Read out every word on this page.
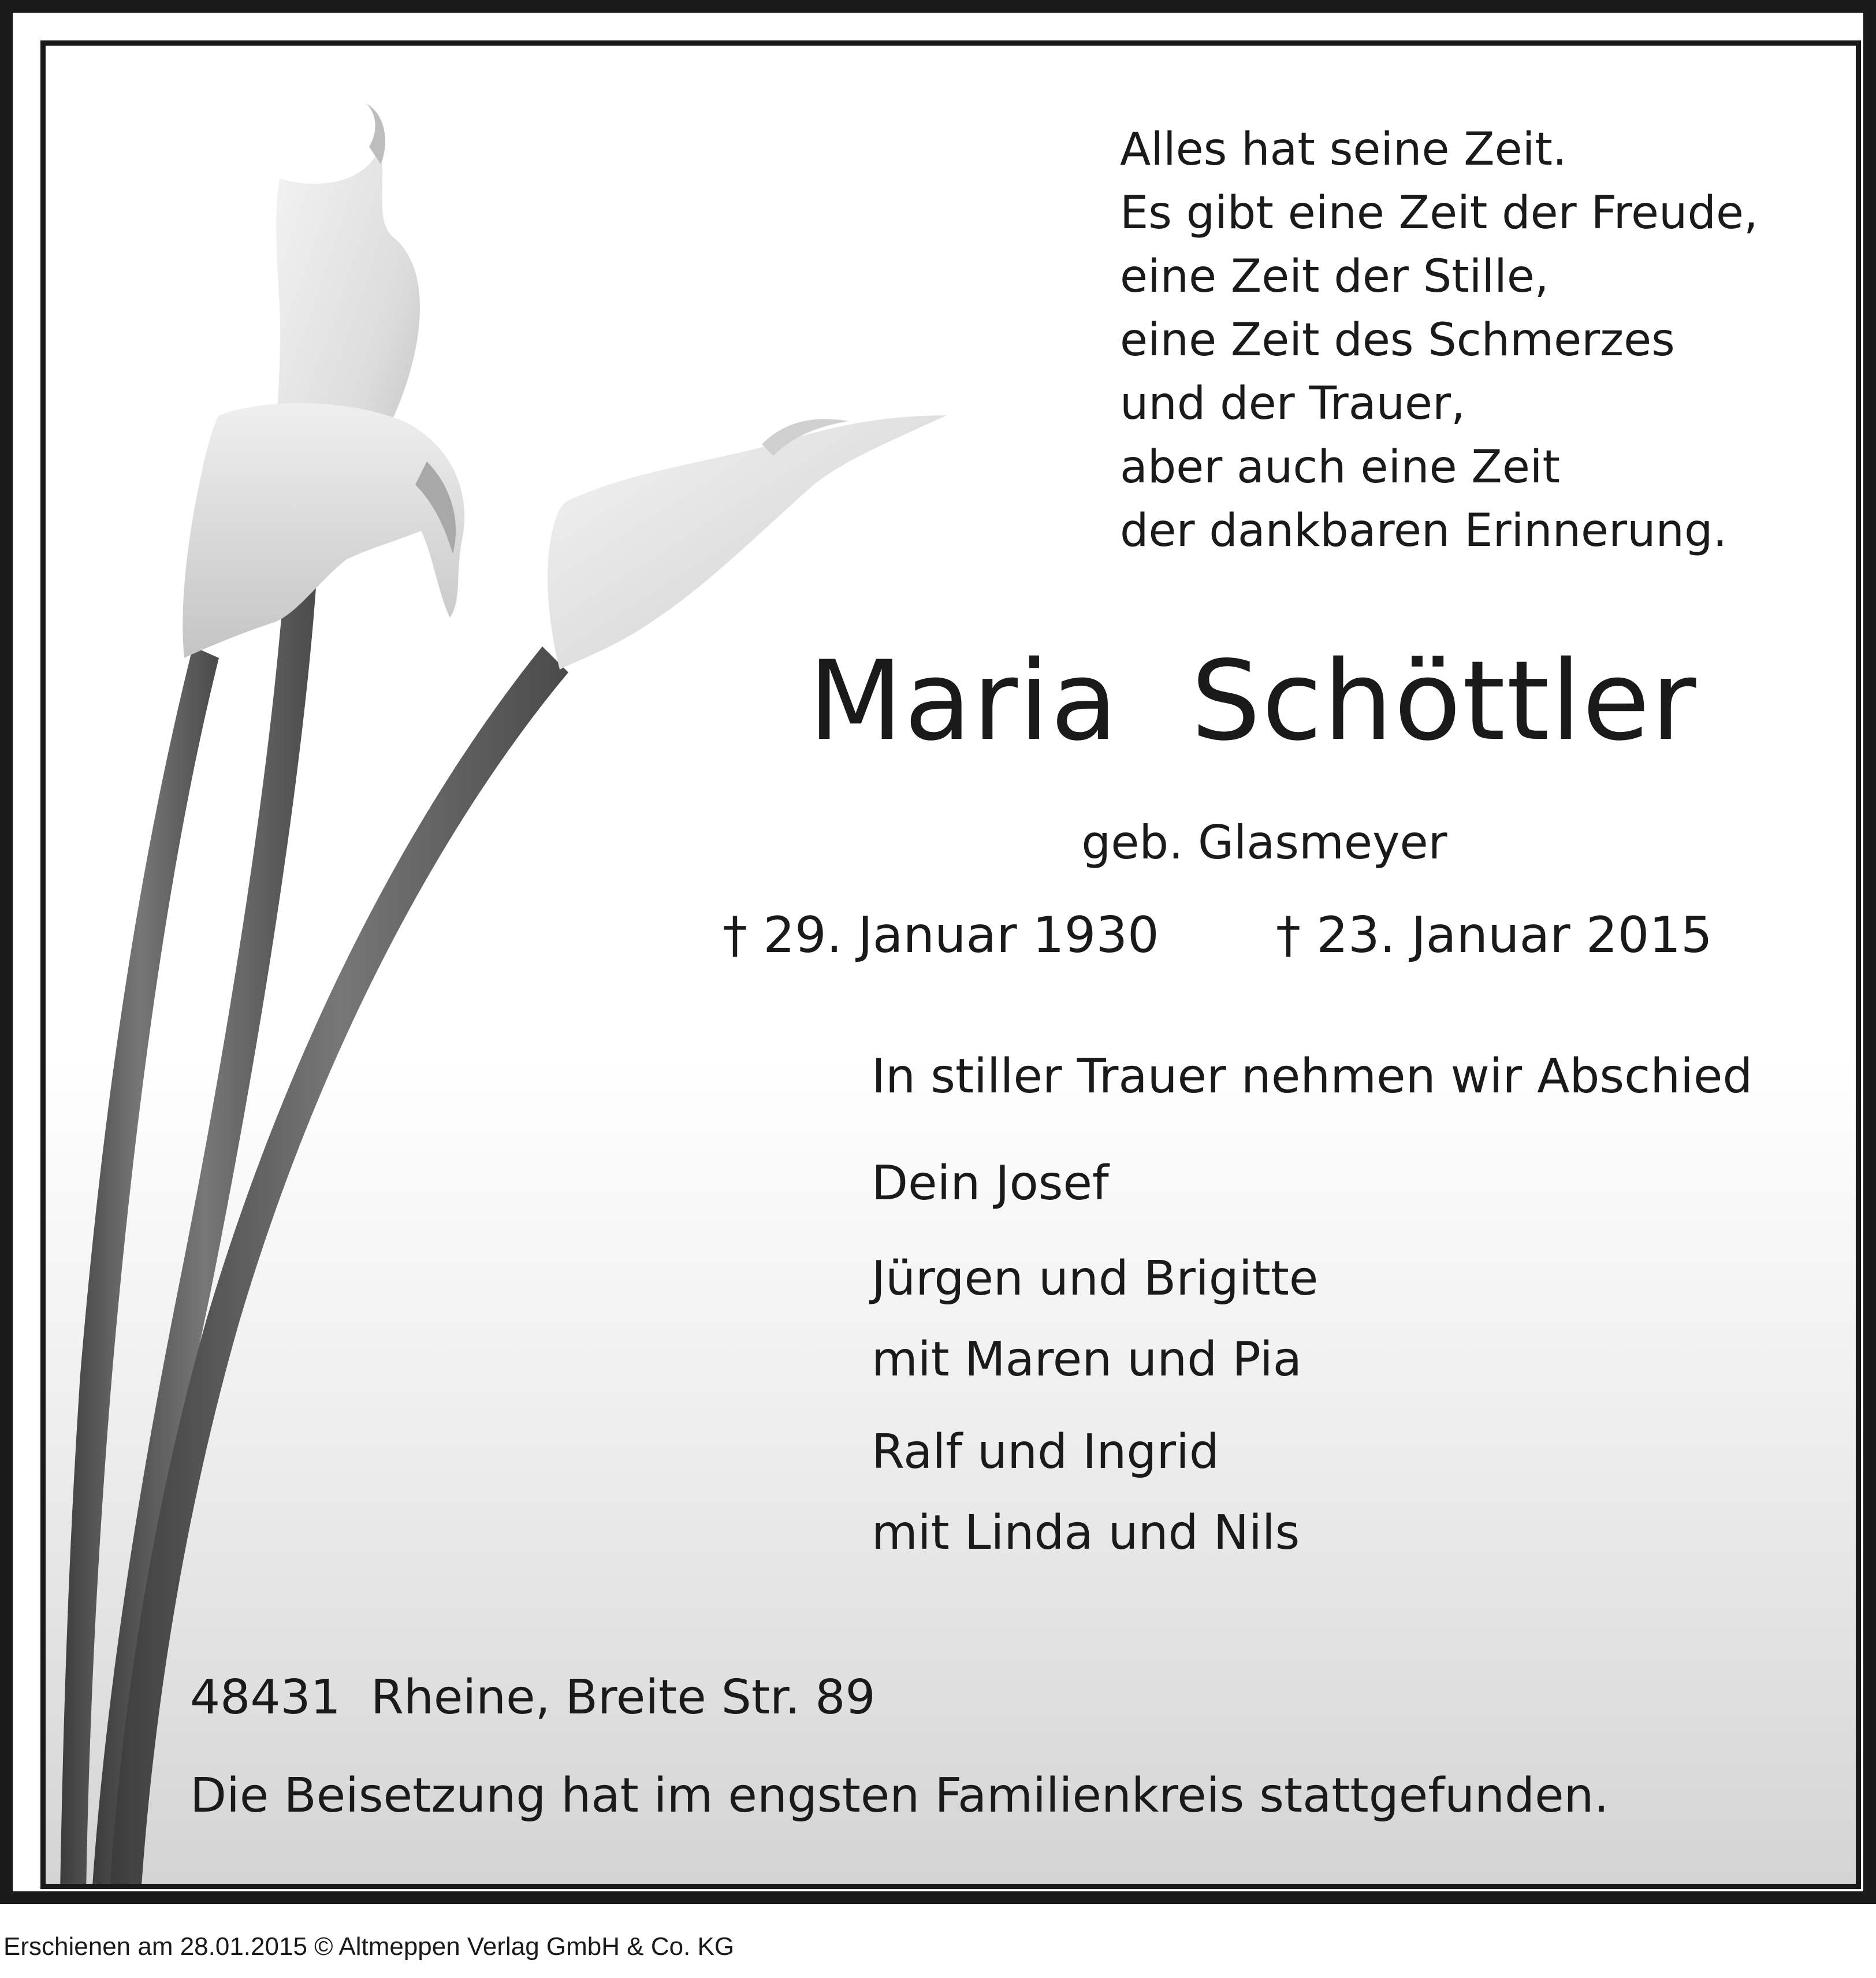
Alles hat seine Zeit.
Es gibt eine Zeit der Freude,
eine Zeit der Stille,
eine Zeit des Schmerzes
und der Trauer,
aber auch eine Zeit
der dankbaren Erinnerung.
Maria  Schöttler
geb. Glasmeyer
† 29. Januar 1930 † 23. Januar 2015
In stiller Trauer nehmen wir Abschied
Dein Josef
Jürgen und Brigitte
mit Maren und Pia
Ralf und Ingrid
mit Linda und Nils
48431  Rheine, Breite Str. 89
Die Beisetzung hat im engsten Familienkreis stattgefunden.
Erschienen am 28.01.2015 © Altmeppen Verlag GmbH & Co. KG
